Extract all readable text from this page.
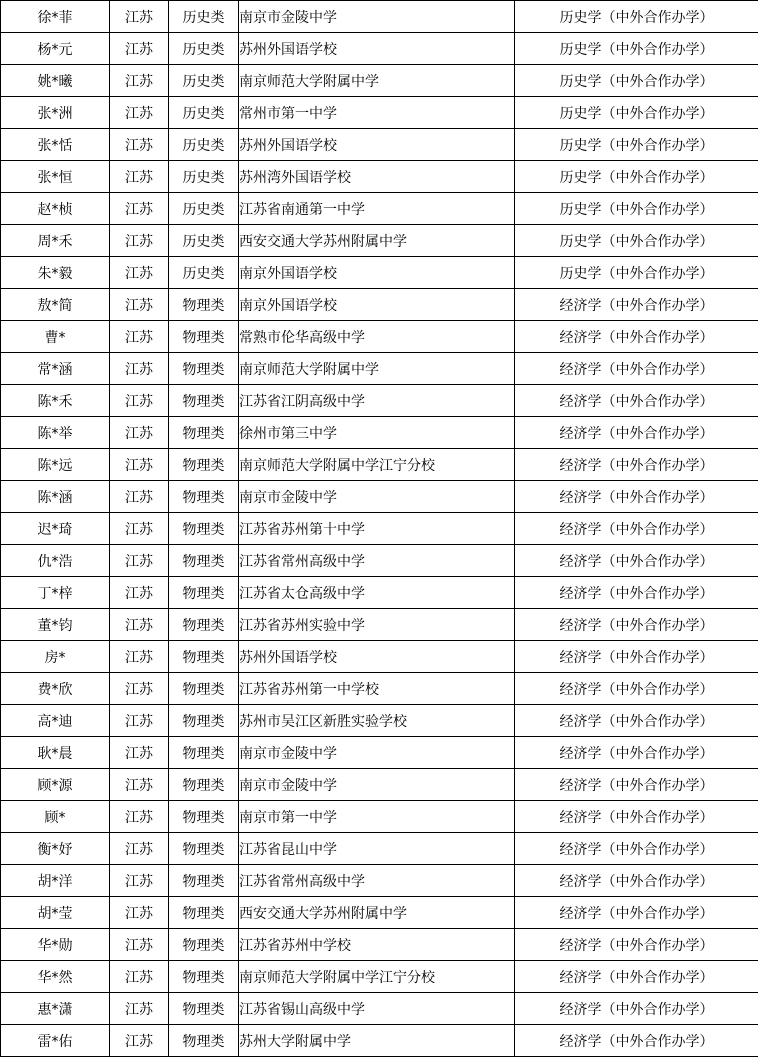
徐*菲	江苏	历史类	南京市金陵中学	历史学（中外合作办学）
杨*元	江苏	历史类	苏州外国语学校	历史学（中外合作办学）
姚*曦	江苏	历史类	南京师范大学附属中学	历史学（中外合作办学）
张*洲	江苏	历史类	常州市第一中学	历史学（中外合作办学）
张*恬	江苏	历史类	苏州外国语学校	历史学（中外合作办学）
张*恒	江苏	历史类	苏州湾外国语学校	历史学（中外合作办学）
赵*桢	江苏	历史类	江苏省南通第一中学	历史学（中外合作办学）
周*禾	江苏	历史类	西安交通大学苏州附属中学	历史学（中外合作办学）
朱*毅	江苏	历史类	南京外国语学校	历史学（中外合作办学）
敖*简	江苏	物理类	南京外国语学校	经济学（中外合作办学）
曹*	江苏	物理类	常熟市伦华高级中学	经济学（中外合作办学）
常*涵	江苏	物理类	南京师范大学附属中学	经济学（中外合作办学）
陈*禾	江苏	物理类	江苏省江阴高级中学	经济学（中外合作办学）
陈*举	江苏	物理类	徐州市第三中学	经济学（中外合作办学）
陈*远	江苏	物理类	南京师范大学附属中学江宁分校	经济学（中外合作办学）
陈*涵	江苏	物理类	南京市金陵中学	经济学（中外合作办学）
迟*琦	江苏	物理类	江苏省苏州第十中学	经济学（中外合作办学）
仇*浩	江苏	物理类	江苏省常州高级中学	经济学（中外合作办学）
丁*梓	江苏	物理类	江苏省太仓高级中学	经济学（中外合作办学）
董*钧	江苏	物理类	江苏省苏州实验中学	经济学（中外合作办学）
房*	江苏	物理类	苏州外国语学校	经济学（中外合作办学）
费*欣	江苏	物理类	江苏省苏州第一中学校	经济学（中外合作办学）
高*迪	江苏	物理类	苏州市吴江区新胜实验学校	经济学（中外合作办学）
耿*晨	江苏	物理类	南京市金陵中学	经济学（中外合作办学）
顾*源	江苏	物理类	南京市金陵中学	经济学（中外合作办学）
顾*	江苏	物理类	南京市第一中学	经济学（中外合作办学）
衡*妤	江苏	物理类	江苏省昆山中学	经济学（中外合作办学）
胡*洋	江苏	物理类	江苏省常州高级中学	经济学（中外合作办学）
胡*莹	江苏	物理类	西安交通大学苏州附属中学	经济学（中外合作办学）
华*勋	江苏	物理类	江苏省苏州中学校	经济学（中外合作办学）
华*然	江苏	物理类	南京师范大学附属中学江宁分校	经济学（中外合作办学）
惠*潇	江苏	物理类	江苏省锡山高级中学	经济学（中外合作办学）
雷*佑	江苏	物理类	苏州大学附属中学	经济学（中外合作办学）
